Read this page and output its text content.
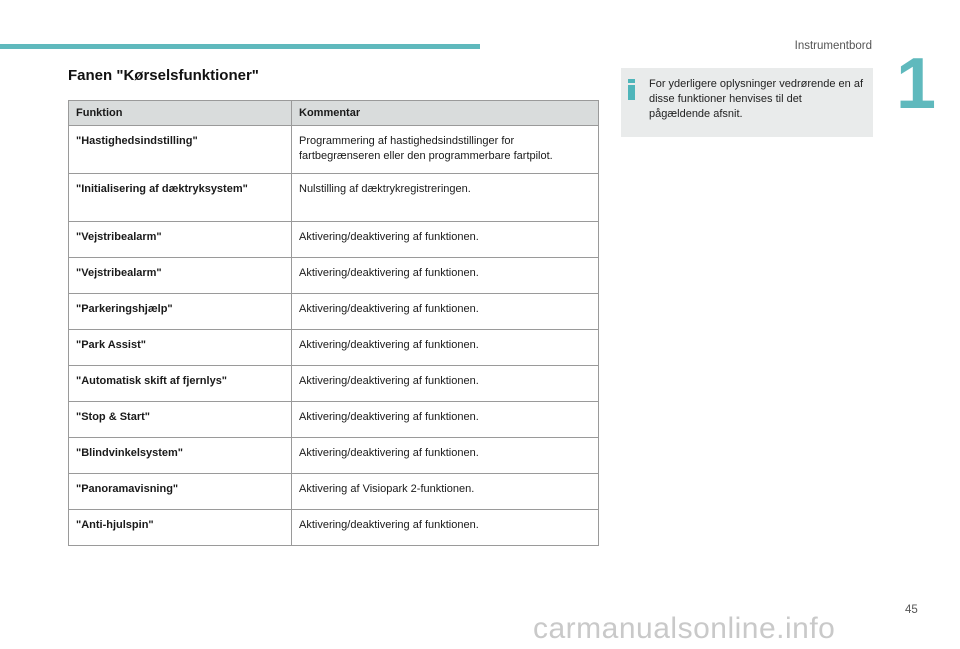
Instrumentbord 1
Fanen "Kørselsfunktioner"
Funktion	Kommentar
"Hastighedsindstilling"	Programmering af hastighedsindstillinger for fartbegrænseren eller den programmerbare fartpilot.
"Initialisering af dæktryksystem"	Nulstilling af dæktrykregistreringen.
"Vejstribealarm"	Aktivering/deaktivering af funktionen.
"Vejstribealarm"	Aktivering/deaktivering af funktionen.
"Parkeringshjælp"	Aktivering/deaktivering af funktionen.
"Park Assist"	Aktivering/deaktivering af funktionen.
"Automatisk skift af fjernlys"	Aktivering/deaktivering af funktionen.
"Stop & Start"	Aktivering/deaktivering af funktionen.
"Blindvinkelsystem"	Aktivering/deaktivering af funktionen.
"Panoramavisning"	Aktivering af Visiopark 2-funktionen.
"Anti-hjulspin"	Aktivering/deaktivering af funktionen.
For yderligere oplysninger vedrørende en af disse funktioner henvises til det pågældende afsnit.
45
carmanualsonline.info
